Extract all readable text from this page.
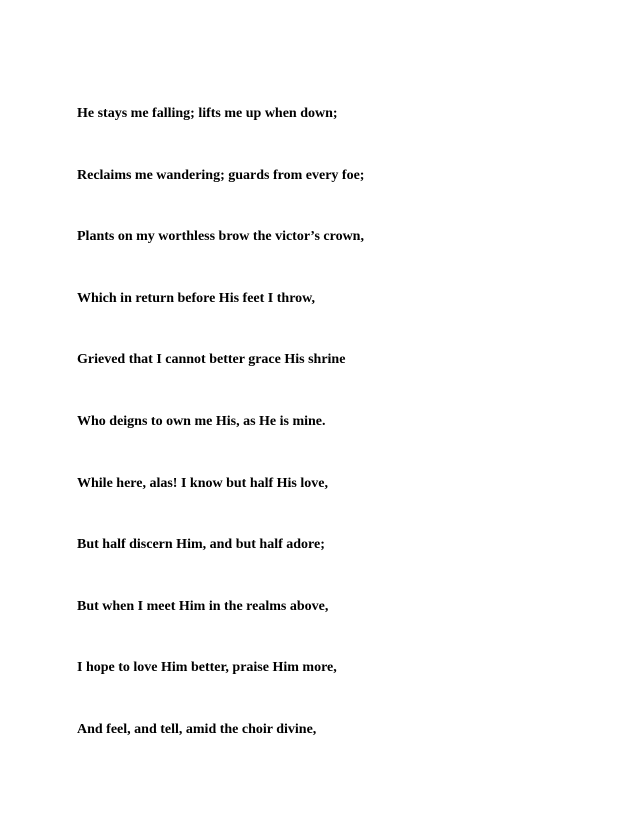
He stays me falling; lifts me up when down;
Reclaims me wandering; guards from every foe;
Plants on my worthless brow the victor’s crown,
Which in return before His feet I throw,
Grieved that I cannot better grace His shrine
Who deigns to own me His, as He is mine.
While here, alas! I know but half His love,
But half discern Him, and but half adore;
But when I meet Him in the realms above,
I hope to love Him better, praise Him more,
And feel, and tell, amid the choir divine,
